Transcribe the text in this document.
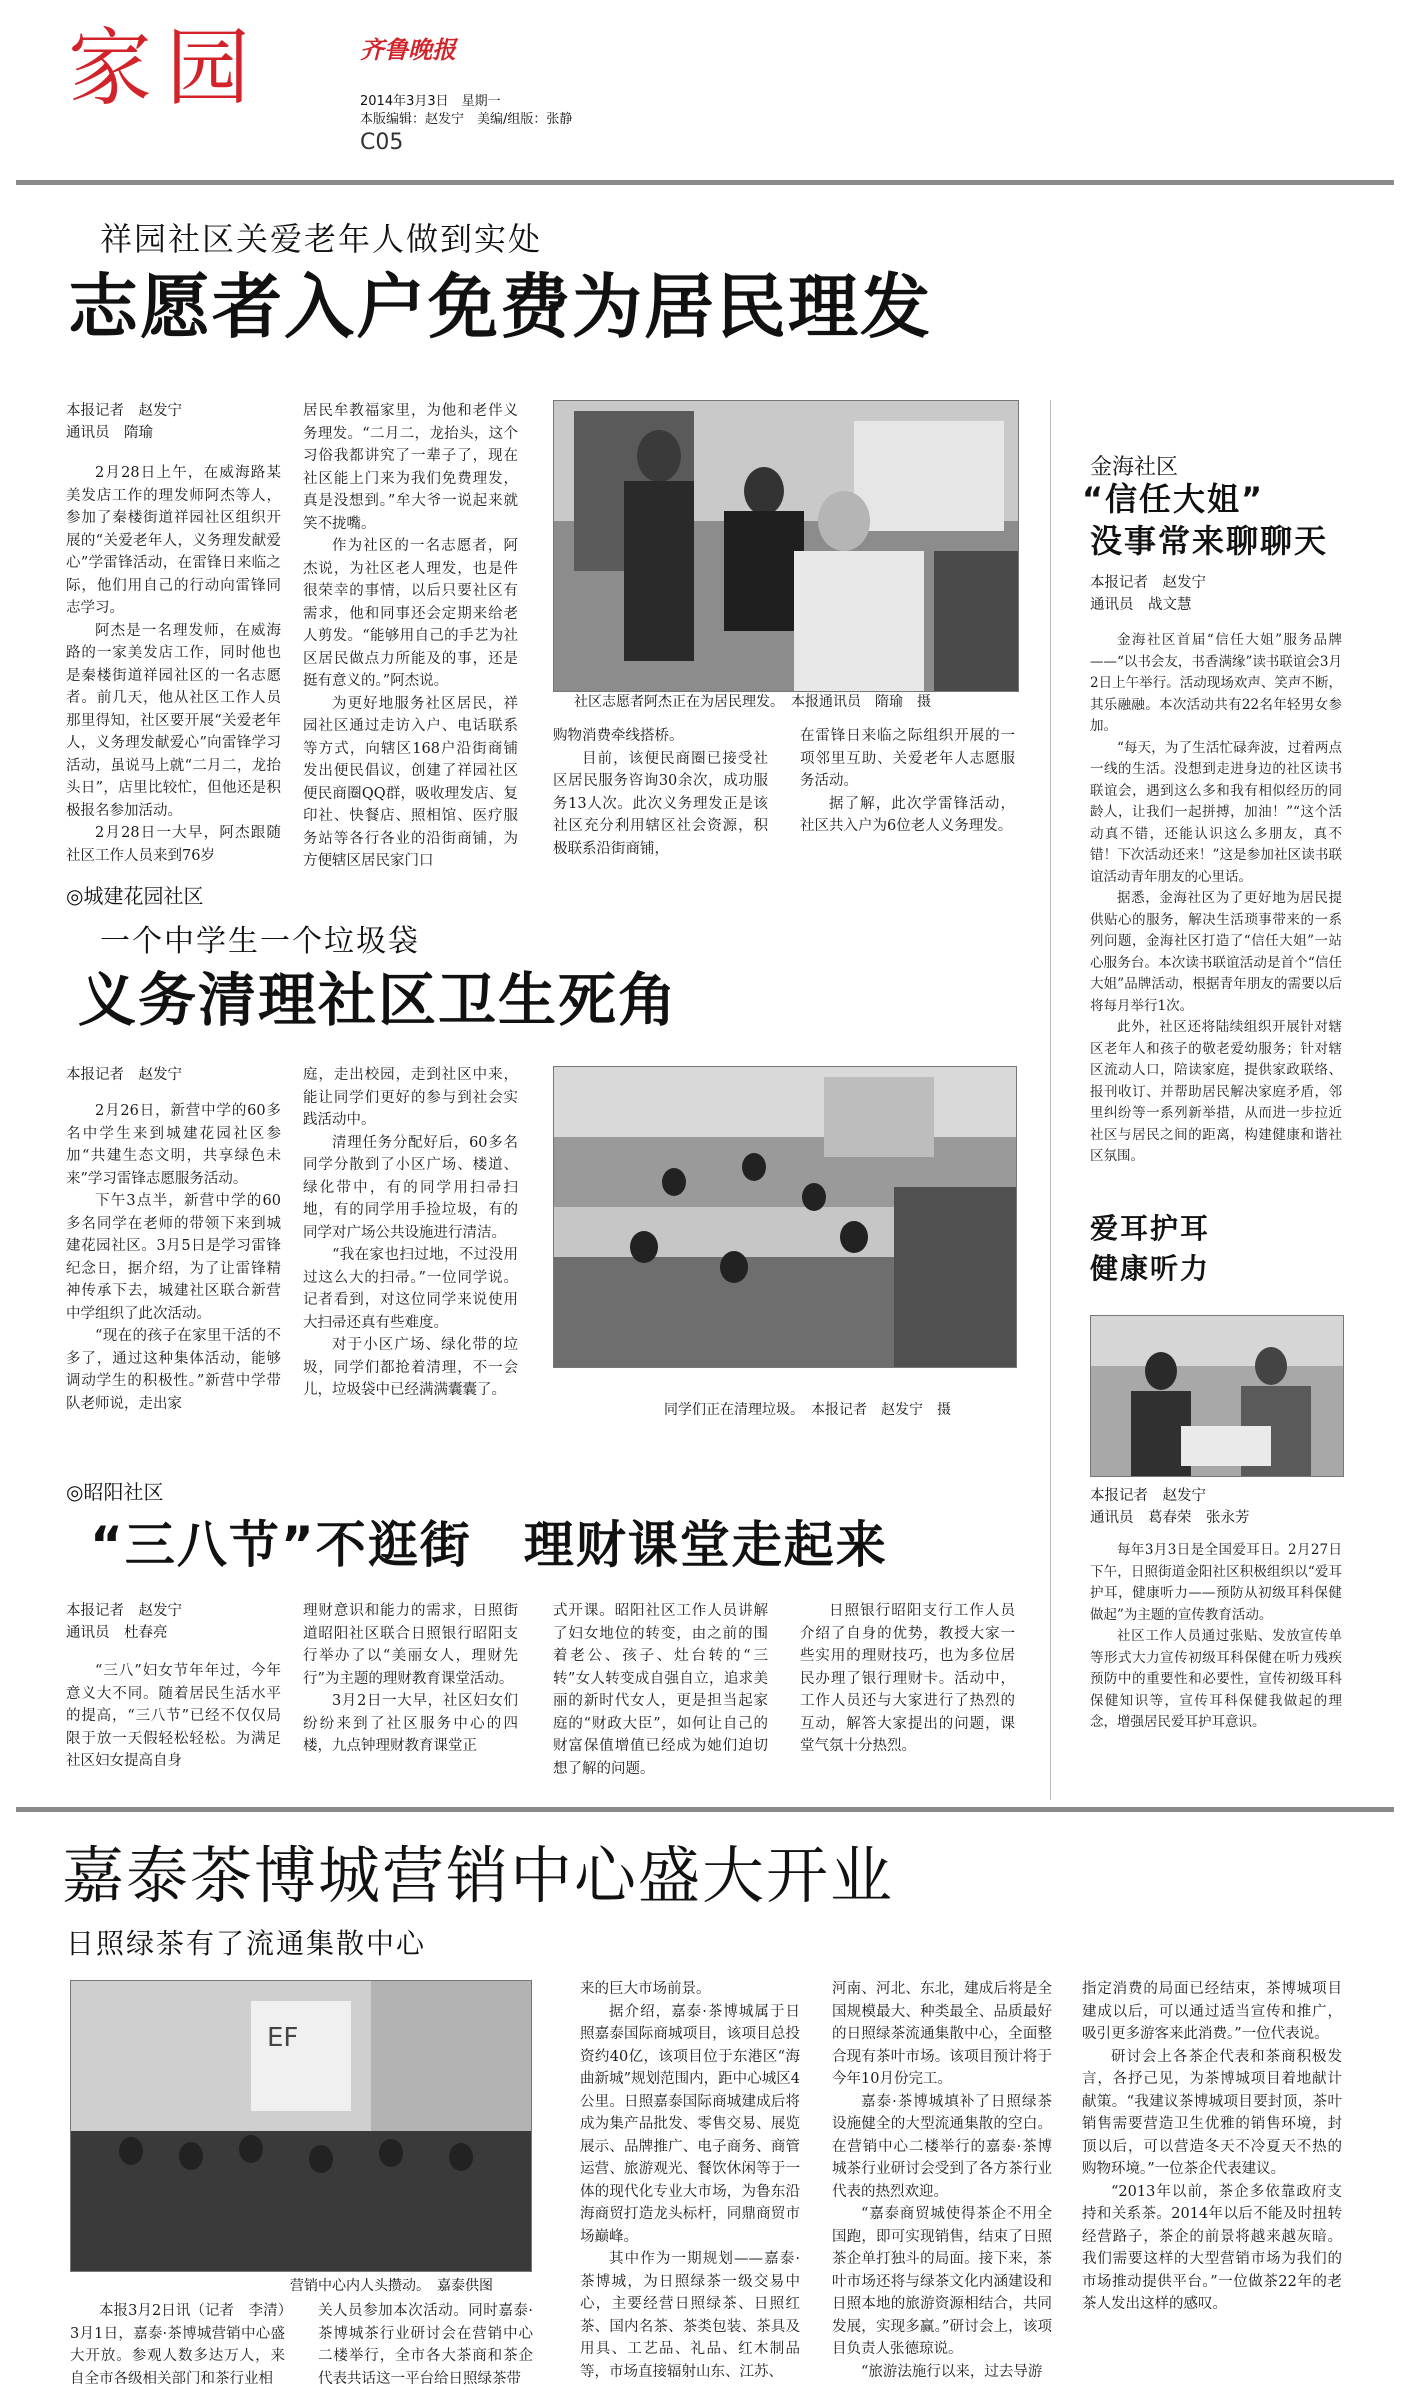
家园	齐鲁晚报
2014年3月3日　星期一
本版编辑：赵发宁　美编/组版：张静
C05
祥园社区关爱老年人做到实处
志愿者入户免费为居民理发
本报记者　赵发宁
通讯员　隋瑜

2月28日上午，在威海路某美发店工作的理发师阿杰等人，参加了秦楼街道祥园社区组织开展的“关爱老年人，义务理发献爱心”学雷锋活动，在雷锋日来临之际，他们用自己的行动向雷锋同志学习。

阿杰是一名理发师，在威海路的一家美发店工作，同时他也是秦楼街道祥园社区的一名志愿者。前几天，他从社区工作人员那里得知，社区要开展“关爱老年人，义务理发献爱心”向雷锋学习活动，虽说马上就“二月二，龙抬头日”，店里比较忙，但他还是积极报名参加活动。

2月28日一大早，阿杰跟随社区工作人员来到76岁

居民牟教福家里，为他和老伴义务理发。“二月二，龙抬头，这个习俗我都讲究了一辈子了，现在社区能上门来为我们免费理发，真是没想到。”牟大爷一说起来就笑不拢嘴。

作为社区的一名志愿者，阿杰说，为社区老人理发，也是件很荣幸的事情，以后只要社区有需求，他和同事还会定期来给老人剪发。“能够用自己的手艺为社区居民做点力所能及的事，还是挺有意义的。”阿杰说。

为更好地服务社区居民，祥园社区通过走访入户、电话联系等方式，向辖区168户沿街商铺发出便民倡议，创建了祥园社区便民商圈QQ群，吸收理发店、复印社、快餐店、照相馆、医疗服务站等各行各业的沿街商铺，为方便辖区居民家门口

社区志愿者阿杰正在为居民理发。　本报通讯员　隋瑜　摄

购物消费牵线搭桥。

目前，该便民商圈已接受社区居民服务咨询30余次，成功服务13人次。此次义务理发正是该社区充分利用辖区社会资源，积极联系沿街商铺，

在雷锋日来临之际组织开展的一项邻里互助、关爱老年人志愿服务活动。

据了解，此次学雷锋活动，社区共入户为6位老人义务理发。

◎城建花园社区
一个中学生一个垃圾袋
义务清理社区卫生死角
本报记者　赵发宁

2月26日，新营中学的60多名中学生来到城建花园社区参加“共建生态文明，共享绿色未来”学习雷锋志愿服务活动。

下午3点半，新营中学的60多名同学在老师的带领下来到城建花园社区。3月5日是学习雷锋纪念日，据介绍，为了让雷锋精神传承下去，城建社区联合新营中学组织了此次活动。

“现在的孩子在家里干活的不多了，通过这种集体活动，能够调动学生的积极性。”新营中学带队老师说，走出家

庭，走出校园，走到社区中来，能让同学们更好的参与到社会实践活动中。

清理任务分配好后，60多名同学分散到了小区广场、楼道、绿化带中，有的同学用扫帚扫地，有的同学用手捡垃圾，有的同学对广场公共设施进行清洁。

“我在家也扫过地，不过没用过这么大的扫帚。”一位同学说。记者看到，对这位同学来说使用大扫帚还真有些难度。

对于小区广场、绿化带的垃圾，同学们都抢着清理，不一会儿，垃圾袋中已经满满囊囊了。

同学们正在清理垃圾。　本报记者　赵发宁　摄
◎昭阳社区
“三八节”不逛街　理财课堂走起来
本报记者　赵发宁
通讯员　杜春亮

“三八”妇女节年年过，今年意义大不同。随着居民生活水平的提高，“三八节”已经不仅仅局限于放一天假轻松轻松。为满足社区妇女提高自身

理财意识和能力的需求，日照街道昭阳社区联合日照银行昭阳支行举办了以“美丽女人，理财先行”为主题的理财教育课堂活动。

3月2日一大早，社区妇女们纷纷来到了社区服务中心的四楼，九点钟理财教育课堂正

式开课。昭阳社区工作人员讲解了妇女地位的转变，由之前的围着老公、孩子、灶台转的“三转”女人转变成自强自立，追求美丽的新时代女人，更是担当起家庭的“财政大臣”，如何让自己的财富保值增值已经成为她们迫切想了解的问题。

日照银行昭阳支行工作人员介绍了自身的优势，教授大家一些实用的理财技巧，也为多位居民办理了银行理财卡。活动中，工作人员还与大家进行了热烈的互动，解答大家提出的问题，课堂气氛十分热烈。

金海社区
“信任大姐”
没事常来聊聊天
本报记者　赵发宁
通讯员　战文慧

金海社区首届“信任大姐”服务品牌——“以书会友，书香满缘”读书联谊会3月2日上午举行。活动现场欢声、笑声不断，其乐融融。本次活动共有22名年轻男女参加。

“每天，为了生活忙碌奔波，过着两点一线的生活。没想到走进身边的社区读书联谊会，遇到这么多和我有相似经历的同龄人，让我们一起拼搏，加油！”“这个活动真不错，还能认识这么多朋友，真不错！下次活动还来！”这是参加社区读书联谊活动青年朋友的心里话。

据悉，金海社区为了更好地为居民提供贴心的服务，解决生活琐事带来的一系列问题，金海社区打造了“信任大姐”一站心服务台。本次读书联谊活动是首个“信任大姐”品牌活动，根据青年朋友的需要以后将每月举行1次。

此外，社区还将陆续组织开展针对辖区老年人和孩子的敬老爱幼服务；针对辖区流动人口，陪读家庭，提供家政联络、报刊收订、并帮助居民解决家庭矛盾，邻里纠纷等一系列新举措，从而进一步拉近社区与居民之间的距离，构建健康和谐社区氛围。

爱耳护耳
健康听力
本报记者　赵发宁
通讯员　葛春荣　张永芳

每年3月3日是全国爱耳日。2月27日下午，日照街道金阳社区积极组织以“爱耳护耳，健康听力——预防从初级耳科保健做起”为主题的宣传教育活动。

社区工作人员通过张贴、发放宣传单等形式大力宣传初级耳科保健在听力残疾预防中的重要性和必要性，宣传初级耳科保健知识等，宣传耳科保健我做起的理念，增强居民爱耳护耳意识。

嘉泰茶博城营销中心盛大开业
日照绿茶有了流通集散中心
EF
营销中心内人头攒动。　嘉泰供图

本报3月2日讯（记者　李清）3月1日，嘉泰·茶博城营销中心盛大开放。参观人数多达万人，来自全市各级相关部门和茶行业相

关人员参加本次活动。同时嘉泰·茶博城茶行业研讨会在营销中心二楼举行，全市各大茶商和茶企代表共话这一平台给日照绿茶带

来的巨大市场前景。

据介绍，嘉泰·茶博城属于日照嘉泰国际商城项目，该项目总投资约40亿，该项目位于东港区“海曲新城”规划范围内，距中心城区4公里。日照嘉泰国际商城建成后将成为集产品批发、零售交易、展览展示、品牌推广、电子商务、商管运营、旅游观光、餐饮休闲等于一体的现代化专业大市场，为鲁东沿海商贸打造龙头标杆，同鼎商贸市场巅峰。

其中作为一期规划——嘉泰·茶博城，为日照绿茶一级交易中心，主要经营日照绿茶、日照红茶、国内名茶、茶类包装、茶具及用具、工艺品、礼品、红木制品等，市场直接辐射山东、江苏、

河南、河北、东北，建成后将是全国规模最大、种类最全、品质最好的日照绿茶流通集散中心，全面整合现有茶叶市场。该项目预计将于今年10月份完工。

嘉泰·茶博城填补了日照绿茶设施健全的大型流通集散的空白。在营销中心二楼举行的嘉泰·茶博城茶行业研讨会受到了各方茶行业代表的热烈欢迎。

“嘉泰商贸城使得茶企不用全国跑，即可实现销售，结束了日照茶企单打独斗的局面。接下来，茶叶市场还将与绿茶文化内涵建设和日照本地的旅游资源相结合，共同发展，实现多赢。”研讨会上，该项目负责人张德琼说。

“旅游法施行以来，过去导游

指定消费的局面已经结束，茶博城项目建成以后，可以通过适当宣传和推广，吸引更多游客来此消费。”一位代表说。

研讨会上各茶企代表和茶商积极发言，各抒己见，为茶博城项目着地献计献策。“我建议茶博城项目要封顶，茶叶销售需要营造卫生优雅的销售环境，封顶以后，可以营造冬天不冷夏天不热的购物环境。”一位茶企代表建议。

“2013年以前，茶企多依靠政府支持和关系茶。2014年以后不能及时扭转经营路子，茶企的前景将越来越灰暗。我们需要这样的大型营销市场为我们的市场推动提供平台。”一位做茶22年的老茶人发出这样的感叹。
